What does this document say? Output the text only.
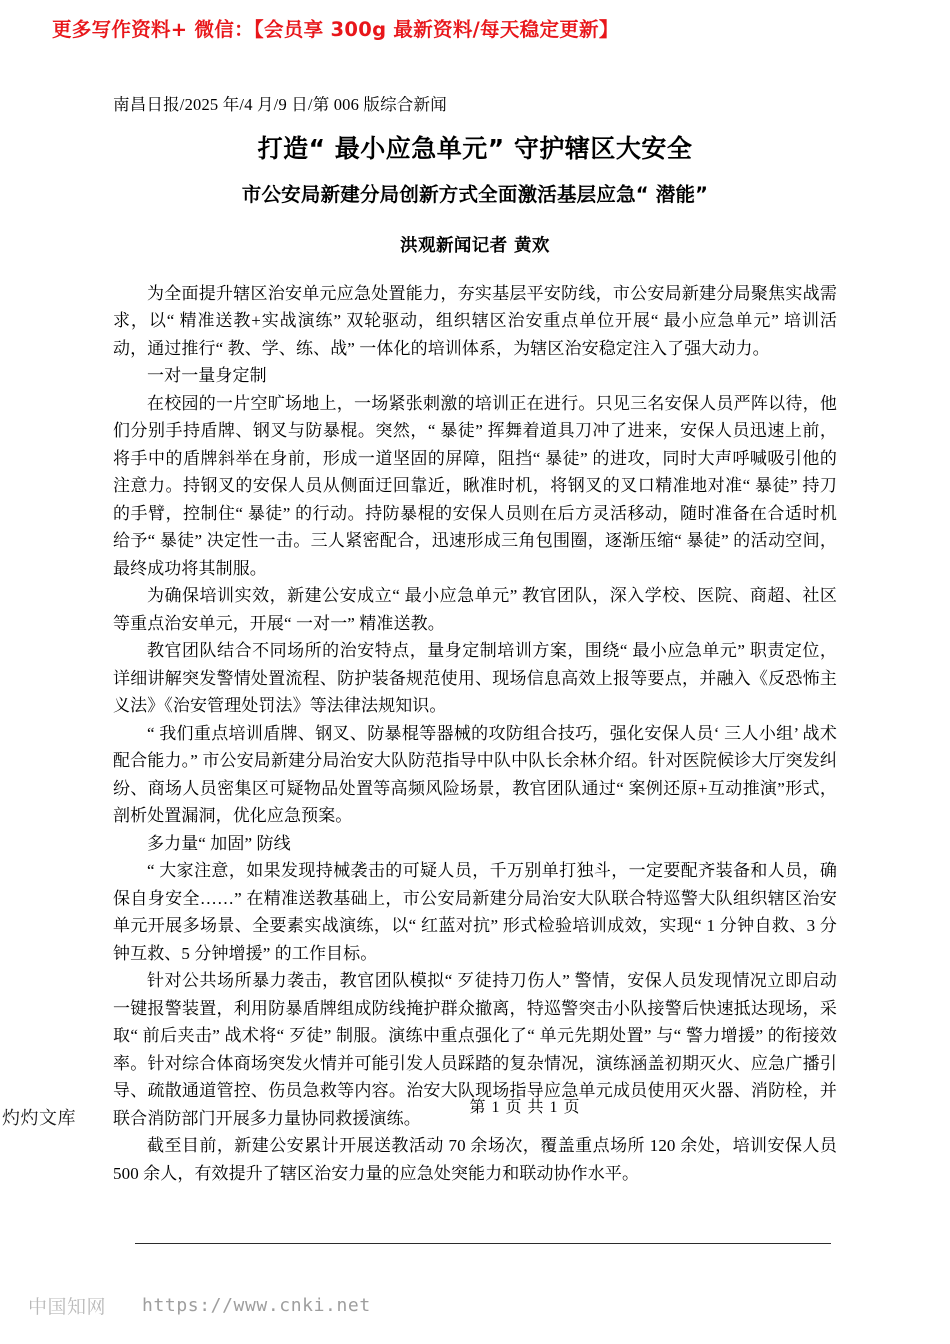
更多写作资料+ 微信：【会员享 300g 最新资料/每天稳定更新】
南昌日报/2025 年/4 月/9 日/第 006 版综合新闻
打造“ 最小应急单元” 守护辖区大安全
市公安局新建分局创新方式全面激活基层应急“ 潜能”
洪观新闻记者 黄欢

为全面提升辖区治安单元应急处置能力，夯实基层平安防线，市公安局新建分局聚焦实战需求，以“ 精准送教+实战演练” 双轮驱动，组织辖区治安重点单位开展“ 最小应急单元” 培训活动，通过推行“ 教、学、练、战” 一体化的培训体系，为辖区治安稳定注入了强大动力。

一对一量身定制

在校园的一片空旷场地上，一场紧张刺激的培训正在进行。只见三名安保人员严阵以待，他们分别手持盾牌、钢叉与防暴棍。突然，“ 暴徒” 挥舞着道具刀冲了进来，安保人员迅速上前，将手中的盾牌斜举在身前，形成一道坚固的屏障，阻挡“ 暴徒” 的进攻，同时大声呼喊吸引他的注意力。持钢叉的安保人员从侧面迂回靠近，瞅准时机，将钢叉的叉口精准地对准“ 暴徒” 持刀的手臂，控制住“ 暴徒” 的行动。持防暴棍的安保人员则在后方灵活移动，随时准备在合适时机给予“ 暴徒” 决定性一击。三人紧密配合，迅速形成三角包围圈，逐渐压缩“ 暴徒” 的活动空间，最终成功将其制服。

为确保培训实效，新建公安成立“ 最小应急单元” 教官团队，深入学校、医院、商超、社区等重点治安单元，开展“ 一对一” 精准送教。

教官团队结合不同场所的治安特点，量身定制培训方案，围绕“ 最小应急单元” 职责定位，详细讲解突发警情处置流程、防护装备规范使用、现场信息高效上报等要点，并融入《反恐怖主义法》《治安管理处罚法》等法律法规知识。

“ 我们重点培训盾牌、钢叉、防暴棍等器械的攻防组合技巧，强化安保人员‘ 三人小组’ 战术配合能力。” 市公安局新建分局治安大队防范指导中队中队长余林介绍。针对医院候诊大厅突发纠纷、商场人员密集区可疑物品处置等高频风险场景，教官团队通过“ 案例还原+互动推演”形式，剖析处置漏洞，优化应急预案。

多力量“ 加固” 防线

“ 大家注意，如果发现持械袭击的可疑人员，千万别单打独斗，一定要配齐装备和人员，确保自身安全……” 在精准送教基础上，市公安局新建分局治安大队联合特巡警大队组织辖区治安单元开展多场景、全要素实战演练，以“ 红蓝对抗” 形式检验培训成效，实现“ 1 分钟自救、3 分钟互救、5 分钟增援” 的工作目标。

针对公共场所暴力袭击，教官团队模拟“ 歹徒持刀伤人” 警情，安保人员发现情况立即启动一键报警装置，利用防暴盾牌组成防线掩护群众撤离，特巡警突击小队接警后快速抵达现场，采取“ 前后夹击” 战术将“ 歹徒” 制服。演练中重点强化了“ 单元先期处置” 与“ 警力增援” 的衔接效率。针对综合体商场突发火情并可能引发人员踩踏的复杂情况，演练涵盖初期灭火、应急广播引导、疏散通道管控、伤员急救等内容。治安大队现场指导应急单元成员使用灭火器、消防栓，并联合消防部门开展多力量协同救援演练。

截至目前，新建公安累计开展送教活动 70 余场次，覆盖重点场所 120 余处，培训安保人员 500 余人，有效提升了辖区治安力量的应急处突能力和联动协作水平。

第 1 页 共 1 页
灼灼文库
中国知网 https://www.cnki.net
